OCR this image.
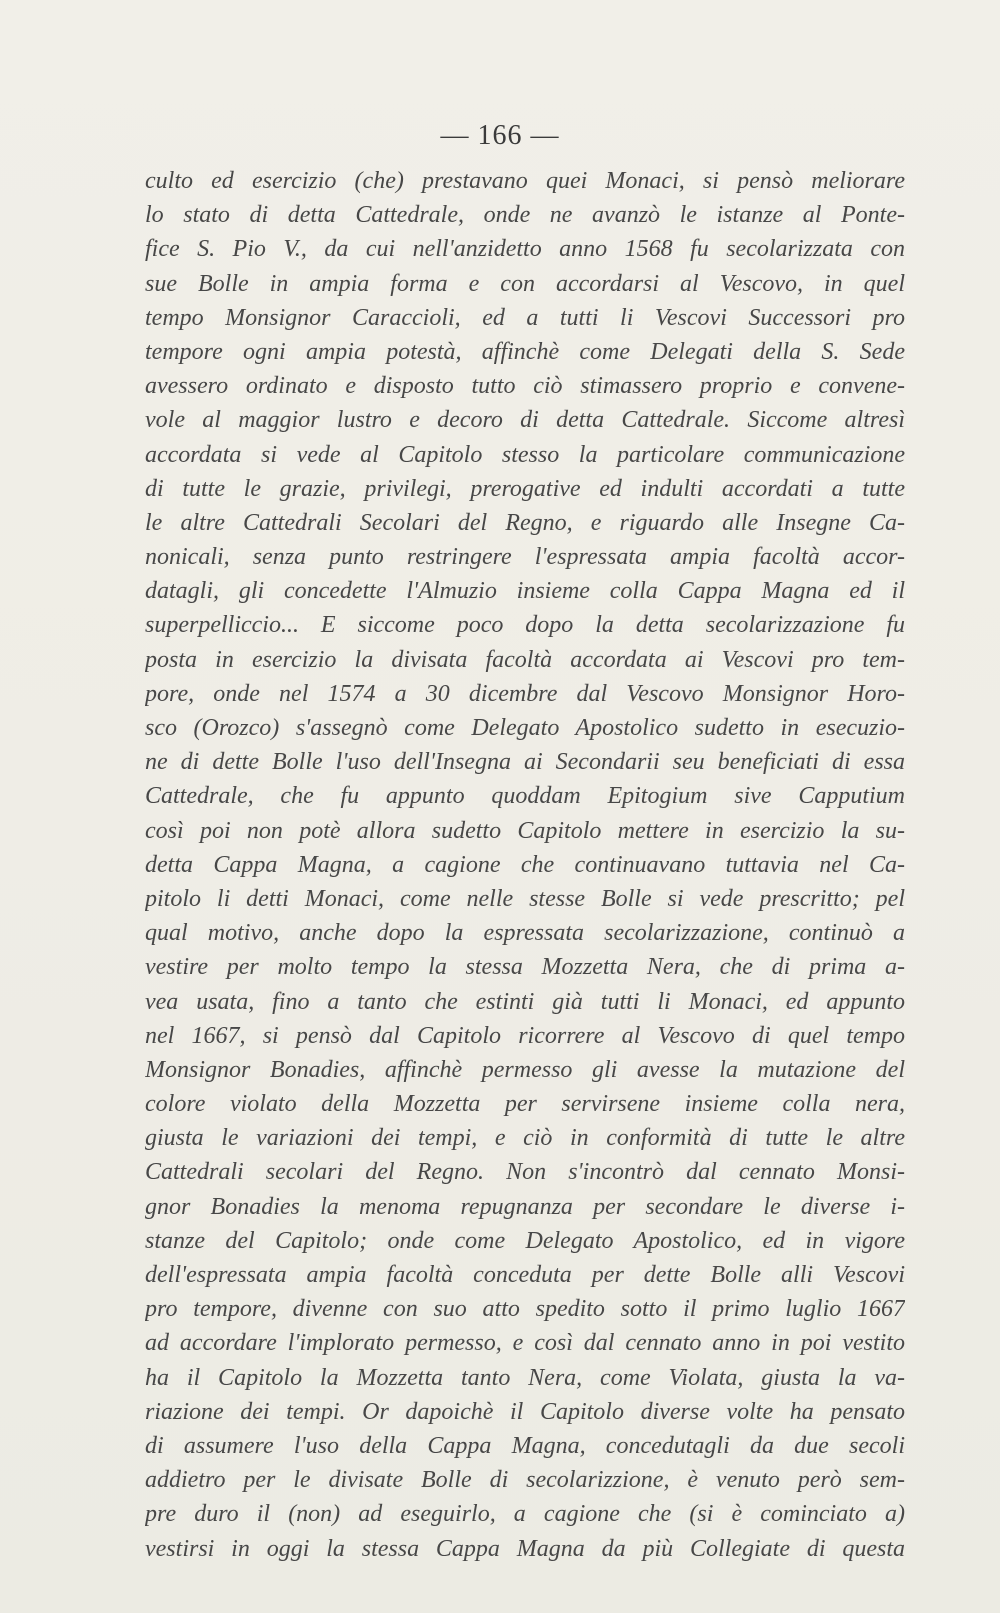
— 166 —
culto ed esercizio (che) prestavano quei Monaci, si pensò meliorare
lo stato di detta Cattedrale, onde ne avanzò le istanze al Ponte-
fice S. Pio V., da cui nell'anzidetto anno 1568 fu secolarizzata con
sue Bolle in ampia forma e con accordarsi al Vescovo, in quel
tempo Monsignor Caraccioli, ed a tutti li Vescovi Successori pro
tempore ogni ampia potestà, affinchè come Delegati della S. Sede
avessero ordinato e disposto tutto ciò stimassero proprio e convene-
vole al maggior lustro e decoro di detta Cattedrale. Siccome altresì
accordata si vede al Capitolo stesso la particolare communicazione
di tutte le grazie, privilegi, prerogative ed indulti accordati a tutte
le altre Cattedrali Secolari del Regno, e riguardo alle Insegne Ca-
nonicali, senza punto restringere l'espressata ampia facoltà accor-
datagli, gli concedette l'Almuzio insieme colla Cappa Magna ed il
superpelliccio... E siccome poco dopo la detta secolarizzazione fu
posta in esercizio la divisata facoltà accordata ai Vescovi pro tem-
pore, onde nel 1574 a 30 dicembre dal Vescovo Monsignor Horo-
sco (Orozco) s'assegnò come Delegato Apostolico sudetto in esecuzio-
ne di dette Bolle l'uso dell'Insegna ai Secondarii seu beneficiati di essa
Cattedrale, che fu appunto quoddam Epitogium sive Capputium
così poi non potè allora sudetto Capitolo mettere in esercizio la su-
detta Cappa Magna, a cagione che continuavano tuttavia nel Ca-
pitolo li detti Monaci, come nelle stesse Bolle si vede prescritto; pel
qual motivo, anche dopo la espressata secolarizzazione, continuò a
vestire per molto tempo la stessa Mozzetta Nera, che di prima a-
vea usata, fino a tanto che estinti già tutti li Monaci, ed appunto
nel 1667, si pensò dal Capitolo ricorrere al Vescovo di quel tempo
Monsignor Bonadies, affinchè permesso gli avesse la mutazione del
colore violato della Mozzetta per servirsene insieme colla nera,
giusta le variazioni dei tempi, e ciò in conformità di tutte le altre
Cattedrali secolari del Regno. Non s'incontrò dal cennato Monsi-
gnor Bonadies la menoma repugnanza per secondare le diverse i-
stanze del Capitolo; onde come Delegato Apostolico, ed in vigore
dell'espressata ampia facoltà conceduta per dette Bolle alli Vescovi
pro tempore, divenne con suo atto spedito sotto il primo luglio 1667
ad accordare l'implorato permesso, e così dal cennato anno in poi vestito
ha il Capitolo la Mozzetta tanto Nera, come Violata, giusta la va-
riazione dei tempi. Or dapoichè il Capitolo diverse volte ha pensato
di assumere l'uso della Cappa Magna, concedutagli da due secoli
addietro per le divisate Bolle di secolarizzione, è venuto però sem-
pre duro il (non) ad eseguirlo, a cagione che (si è cominciato a)
vestirsi in oggi la stessa Cappa Magna da più Collegiate di questa
